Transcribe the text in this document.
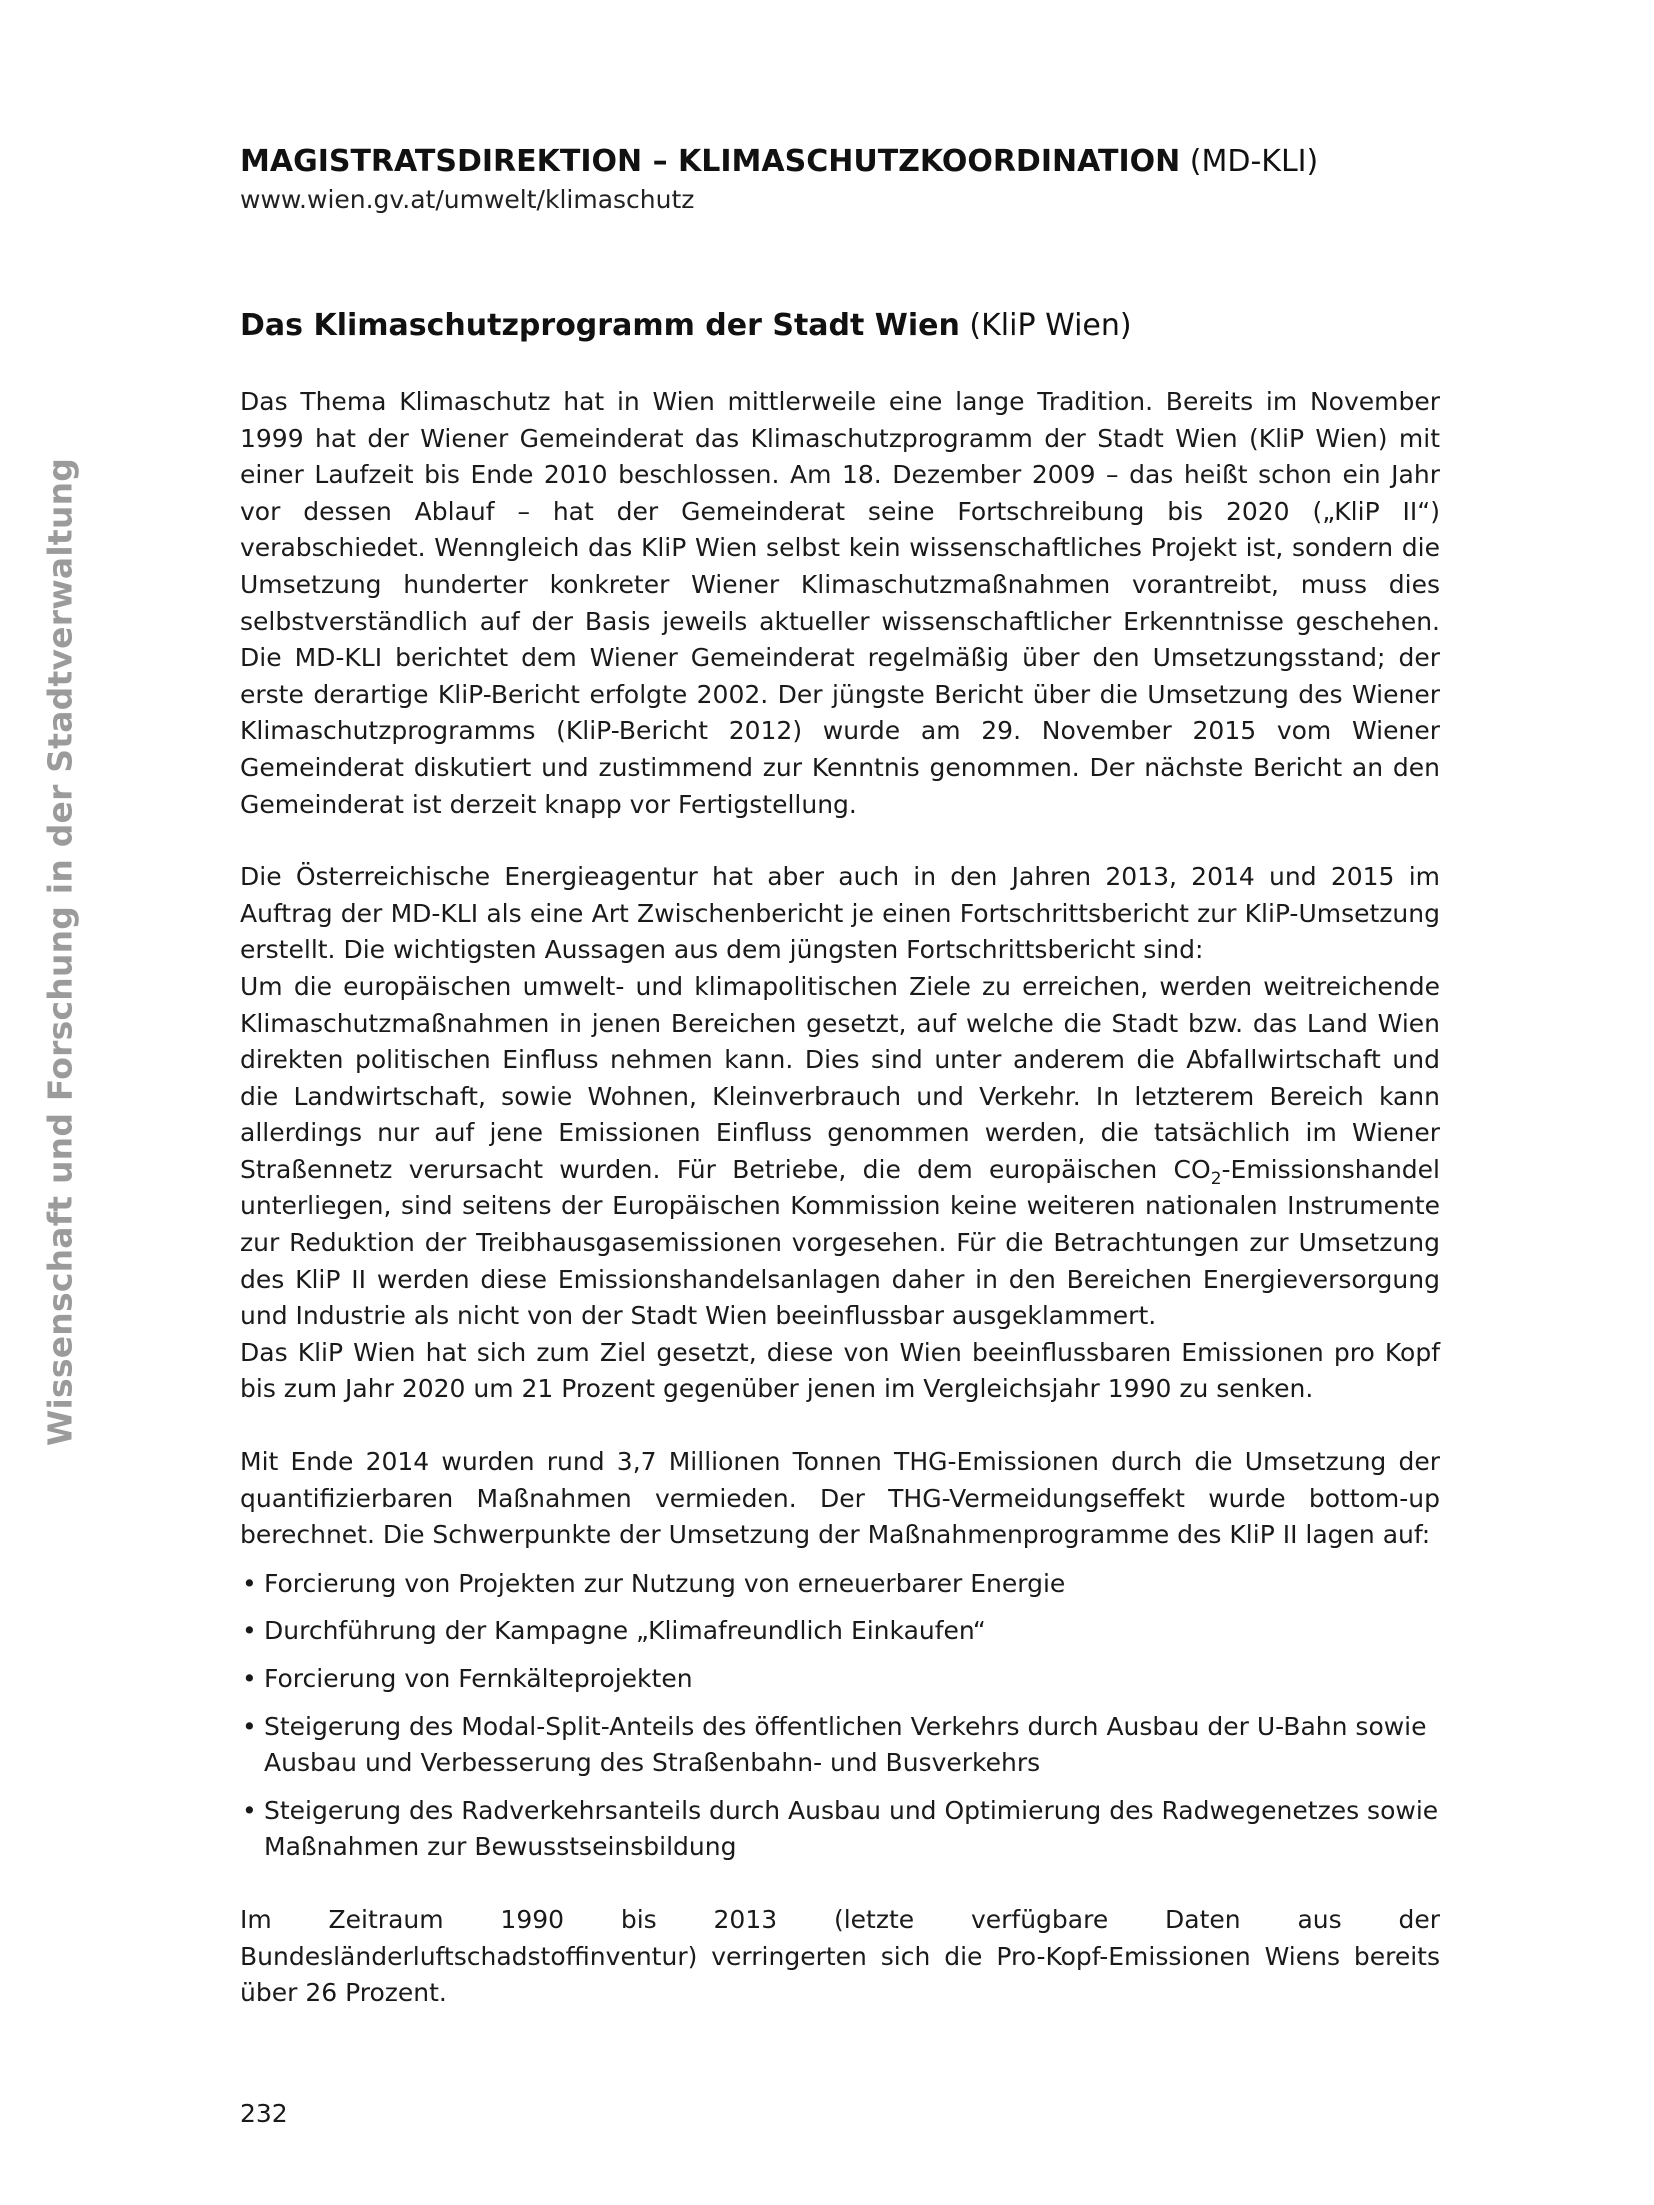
Wissenschaft und Forschung in der Stadtverwaltung
MAGISTRATSDIREKTION – KLIMASCHUTZKOORDINATION (MD-KLI)
www.wien.gv.at/umwelt/klimaschutz
Das Klimaschutzprogramm der Stadt Wien (KliP Wien)

Das Thema Klimaschutz hat in Wien mittlerweile eine lange Tradition. Bereits im November 1999 hat der Wiener Gemeinderat das Klimaschutzprogramm der Stadt Wien (KliP Wien) mit einer Laufzeit bis Ende 2010 beschlossen. Am 18. Dezember 2009 – das heißt schon ein Jahr vor dessen Ablauf – hat der Gemeinderat seine Fortschreibung bis 2020 („KliP II“) verabschiedet. Wenngleich das KliP Wien selbst kein wissenschaftliches Projekt ist, sondern die Umsetzung hunderter konkreter Wiener Klimaschutzmaßnahmen vorantreibt, muss dies selbstverständlich auf der Basis jeweils aktueller wissenschaftlicher Erkenntnisse geschehen. Die MD-KLI berichtet dem Wiener Gemeinderat regelmäßig über den Umsetzungsstand; der erste derartige KliP-Bericht erfolgte 2002. Der jüngste Bericht über die Umsetzung des Wiener Klimaschutzprogramms (KliP-Bericht 2012) wurde am 29. November 2015 vom Wiener Gemeinderat diskutiert und zustimmend zur Kenntnis genommen. Der nächste Bericht an den Gemeinderat ist derzeit knapp vor Fertigstellung.

Die Österreichische Energieagentur hat aber auch in den Jahren 2013, 2014 und 2015 im Auftrag der MD-KLI als eine Art Zwischenbericht je einen Fortschrittsbericht zur KliP-Umsetzung erstellt. Die wichtigsten Aussagen aus dem jüngsten Fortschrittsbericht sind:

Um die europäischen umwelt- und klimapolitischen Ziele zu erreichen, werden weitreichende Klimaschutzmaßnahmen in jenen Bereichen gesetzt, auf welche die Stadt bzw. das Land Wien direkten politischen Einfluss nehmen kann. Dies sind unter anderem die Abfallwirtschaft und die Landwirtschaft, sowie Wohnen, Kleinverbrauch und Verkehr. In letzterem Bereich kann allerdings nur auf jene Emissionen Einfluss genommen werden, die tatsächlich im Wiener Straßennetz verursacht wurden. Für Betriebe, die dem europäischen $CO_2$-Emissionshandel unterliegen, sind seitens der Europäischen Kommission keine weiteren nationalen Instrumente zur Reduktion der Treibhausgasemissionen vorgesehen. Für die Betrachtungen zur Umsetzung des KliP II werden diese Emissionshandelsanlagen daher in den Bereichen Energieversorgung und Industrie als nicht von der Stadt Wien beeinflussbar ausgeklammert.

Das KliP Wien hat sich zum Ziel gesetzt, diese von Wien beeinflussbaren Emissionen pro Kopf bis zum Jahr 2020 um 21 Prozent gegenüber jenen im Vergleichsjahr 1990 zu senken.

Mit Ende 2014 wurden rund 3,7 Millionen Tonnen THG-Emissionen durch die Umsetzung der quantifizierbaren Maßnahmen vermieden. Der THG-Vermeidungseffekt wurde bottom-up berechnet. Die Schwerpunkte der Umsetzung der Maßnahmenprogramme des KliP II lagen auf:

• Forcierung von Projekten zur Nutzung von erneuerbarer Energie
• Durchführung der Kampagne „Klimafreundlich Einkaufen“
• Forcierung von Fernkälteprojekten
• Steigerung des Modal-Split-Anteils des öffentlichen Verkehrs durch Ausbau der U-Bahn sowie Ausbau und Verbesserung des Straßenbahn- und Busverkehrs
• Steigerung des Radverkehrsanteils durch Ausbau und Optimierung des Radwegenetzes sowie Maßnahmen zur Bewusstseinsbildung

Im Zeitraum 1990 bis 2013 (letzte verfügbare Daten aus der Bundesländerluftschadstoffinventur) verringerten sich die Pro-Kopf-Emissionen Wiens bereits über 26 Prozent.

232
